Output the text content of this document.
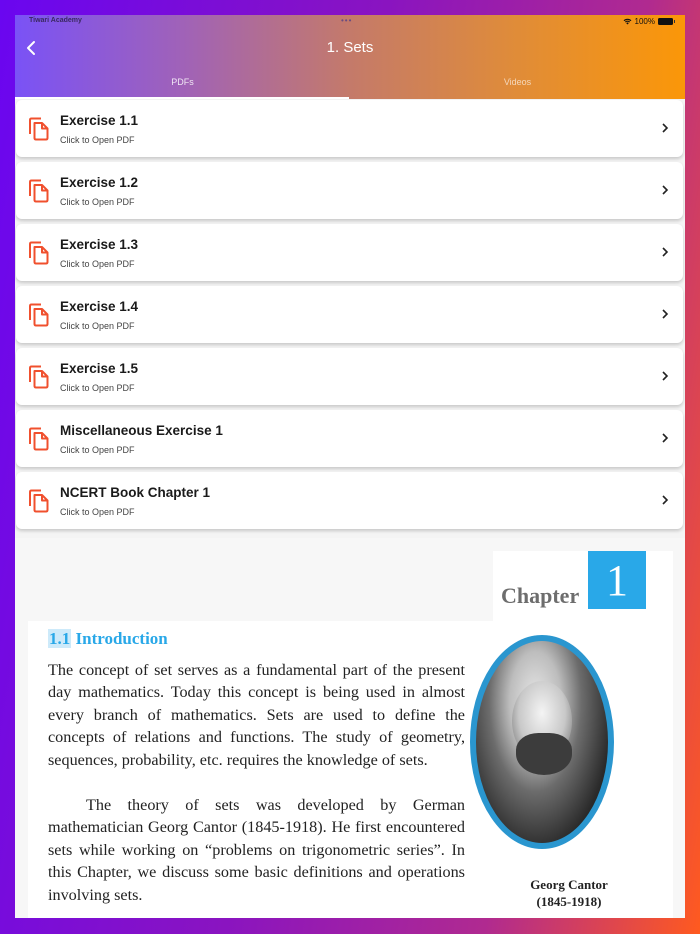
Tiwari Academy	•••	100%
1. Sets
PDFs	Videos
Exercise 1.1
Click to Open PDF
Exercise 1.2
Click to Open PDF
Exercise 1.3
Click to Open PDF
Exercise 1.4
Click to Open PDF
Exercise 1.5
Click to Open PDF
Miscellaneous Exercise 1
Click to Open PDF
NCERT Book Chapter 1
Click to Open PDF
Chapter 1
1.1 Introduction
The concept of set serves as a fundamental part of the present day mathematics. Today this concept is being used in almost every branch of mathematics. Sets are used to define the concepts of relations and functions. The study of geometry, sequences, probability, etc. requires the knowledge of sets.
The theory of sets was developed by German mathematician Georg Cantor (1845-1918). He first encountered sets while working on “problems on trigonometric series”. In this Chapter, we discuss some basic definitions and operations involving sets.
Georg Cantor
(1845-1918)
